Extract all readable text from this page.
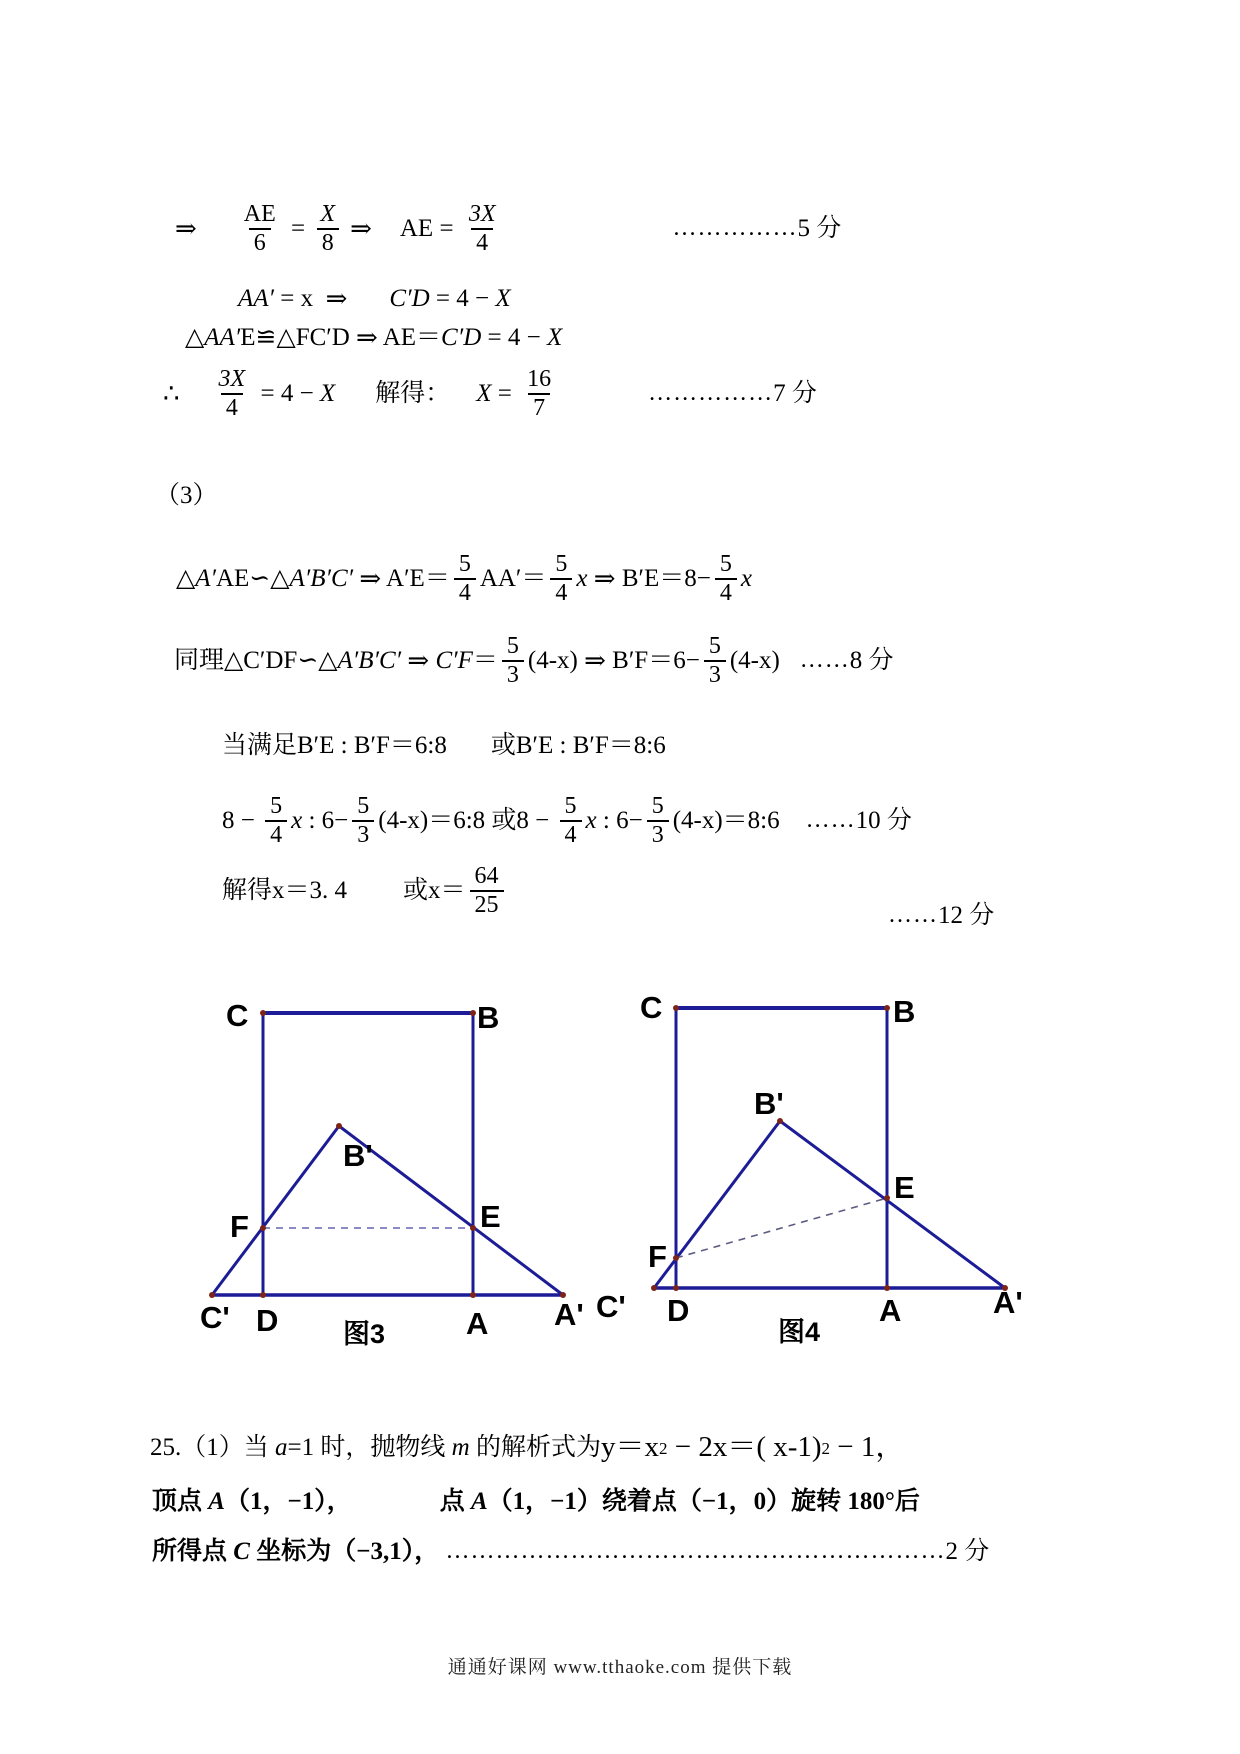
⇒ $\frac{AE}{6} = \frac{X}{8}$ ⇒ AE = $\frac{3X}{4}$	…………… 5 分
AA′ = x ⇒ C′D = 4 − X
△ AA′ E≌△FC′D ⇒ AE＝ C′D = 4 − X
∴ $\frac{3X}{4} = 4 - X$ 解得： $X = \frac{16}{7}$	…………… 7 分
（3）
△ A′ AE∽△ A′B′C′
⇒ $A'E= \frac{5}{4} AA'= \frac{5}{4}$ x
⇒ $B'E=8- \frac{5}{4}$ x
同理△C′DF∽△ A′B′C′
⇒
$C'F = \frac{5}{3} (4-x)$ ⇒ $B'F=6- \frac{5}{3} (4-x)$ …… 8 分
当满足B′E : B′F＝6:8 或B′E : B′F＝8:6
$8 - \frac{5}{4}$ x : $6- \frac{5}{3}$ (4-x)＝6:8 或$8 - \frac{5}{4}$ x : $6- \frac{5}{3}$ (4-x)＝8:6 …… 10 分
解得x＝3. 4 或$x= \frac{64}{25}$	…… 12 分
25.（1）当 a =1 时，抛物线 m 的解析式为 y＝x 2 − 2x＝( x-1) 2 − 1，
顶点 A （1，−1），	点 A （1，−1）绕着点（−1，0）旋转 180°后
所得点 C 坐标为（−3,1）， …………………………………………………… 2 分
C	B
B'
F	E
C' D	A A'
图3
C	B
B'
E
F
C' D	A	A'
图4
通通好课网 www.tthaoke.com 提供下载
